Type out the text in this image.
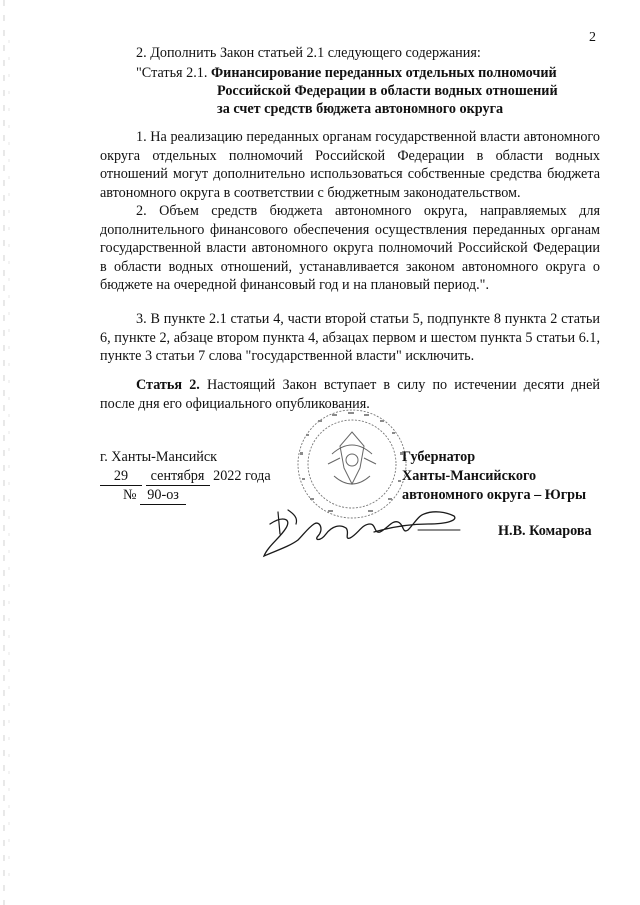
2
2. Дополнить Закон статьей 2.1 следующего содержания:
"Статья 2.1. Финансирование переданных отдельных полномочий
Российской Федерации в области водных отношений
за счет средств бюджета автономного округа
1. На реализацию переданных органам государственной власти автономного округа отдельных полномочий Российской Федерации в области водных отношений могут дополнительно использоваться собственные средства бюджета автономного округа в соответствии с бюджетным законодательством.
2. Объем средств бюджета автономного округа, направляемых для дополнительного финансового обеспечения осуществления переданных органам государственной власти автономного округа полномочий Российской Федерации в области водных отношений, устанавливается законом автономного округа о бюджете на очередной финансовый год и на плановый период.".
3. В пункте 2.1 статьи 4, части второй статьи 5, подпункте 8 пункта 2 статьи 6, пункте 2, абзаце втором пункта 4, абзацах первом и шестом пункта 5 статьи 6.1, пункте 3 статьи 7 слова "государственной власти" исключить.
Статья 2. Настоящий Закон вступает в силу по истечении десяти дней после дня его официального опубликования.
г. Ханты-Мансийск
29 сентября 2022 года
№ 90-оз
Губернатор
Ханты-Мансийского
автономного округа – Югры
Н.В. Комарова
